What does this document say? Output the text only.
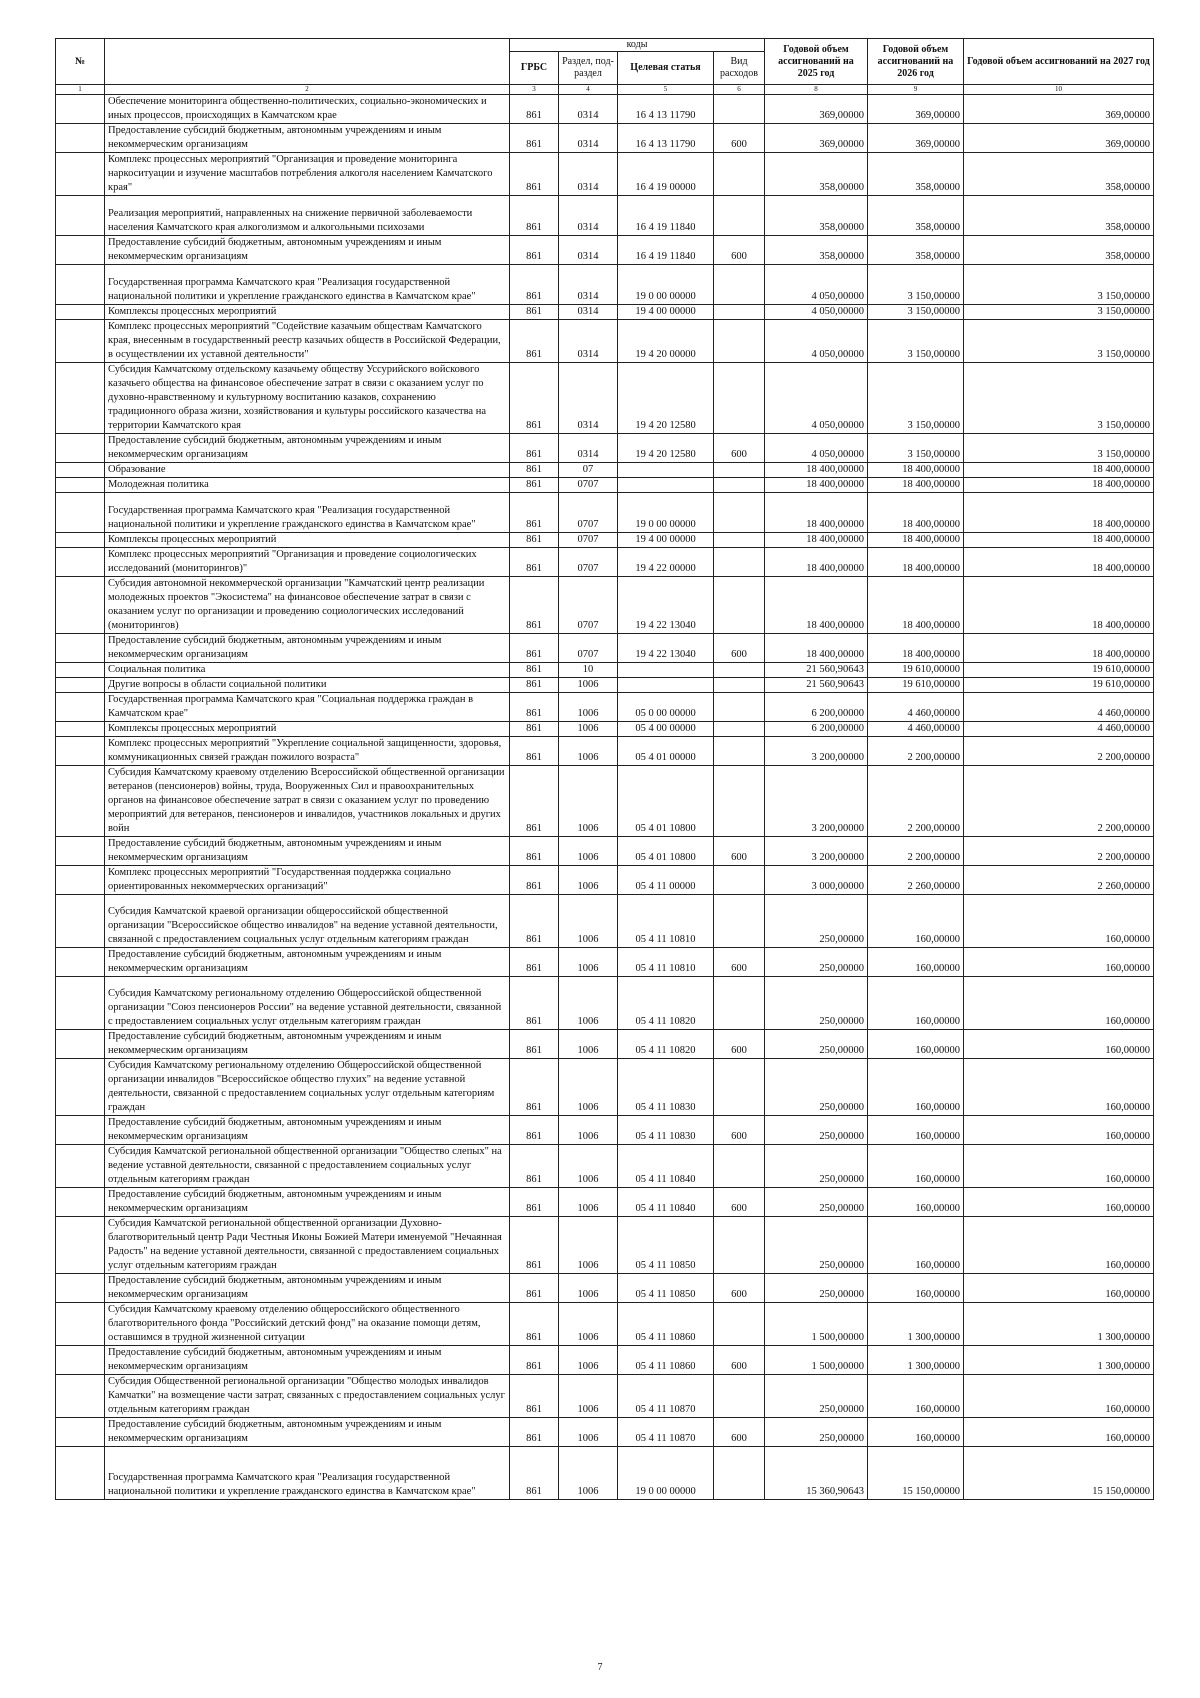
№		коды				Годовой объем ассигнований на 2025 год	Годовой объем ассигнований на 2026 год	Годовой объем ассигнований на 2027 год
		ГРБС	Раздел, под-раздел	Целевая статья	Вид расходов			
1	2	3	4	5	6	8	9	10
	Обеспечение мониторинга общественно-политических, социально-экономических и иных процессов, происходящих в Камчатском крае	861	0314	16 4 13 11790		369,00000	369,00000	369,00000
	Предоставление субсидий бюджетным, автономным учреждениям и иным некоммерческим организациям	861	0314	16 4 13 11790	600	369,00000	369,00000	369,00000
	Комплекс процессных мероприятий "Организация и проведение мониторинга наркоситуации и изучение масштабов потребления алкоголя населением Камчатского края"	861	0314	16 4 19 00000		358,00000	358,00000	358,00000
	Реализация мероприятий, направленных на снижение первичной заболеваемости населения Камчатского края алкоголизмом и алкогольными психозами	861	0314	16 4 19 11840		358,00000	358,00000	358,00000
	Предоставление субсидий бюджетным, автономным учреждениям и иным некоммерческим организациям	861	0314	16 4 19 11840	600	358,00000	358,00000	358,00000
	Государственная программа Камчатского края "Реализация государственной национальной политики и укрепление гражданского единства в Камчатском крае"	861	0314	19 0 00 00000		4 050,00000	3 150,00000	3 150,00000
	Комплексы процессных мероприятий	861	0314	19 4 00 00000		4 050,00000	3 150,00000	3 150,00000
	Комплекс процессных мероприятий "Содействие казачьим обществам Камчатского края, внесенным в государственный реестр казачьих обществ в Российской Федерации, в осуществлении их уставной деятельности"	861	0314	19 4 20 00000		4 050,00000	3 150,00000	3 150,00000
	Субсидия Камчатскому отдельскому казачьему обществу Уссурийского войскового казачьего общества на финансовое обеспечение затрат в связи с оказанием услуг по духовно-нравственному и культурному воспитанию казаков, сохранению традиционного образа жизни, хозяйствования и культуры российского казачества на территории Камчатского края	861	0314	19 4 20 12580		4 050,00000	3 150,00000	3 150,00000
	Предоставление субсидий бюджетным, автономным учреждениям и иным некоммерческим организациям	861	0314	19 4 20 12580	600	4 050,00000	3 150,00000	3 150,00000
	Образование	861	07			18 400,00000	18 400,00000	18 400,00000
	Молодежная политика	861	0707			18 400,00000	18 400,00000	18 400,00000
	Государственная программа Камчатского края "Реализация государственной национальной политики и укрепление гражданского единства в Камчатском крае"	861	0707	19 0 00 00000		18 400,00000	18 400,00000	18 400,00000
	Комплексы процессных мероприятий	861	0707	19 4 00 00000		18 400,00000	18 400,00000	18 400,00000
	Комплекс процессных мероприятий "Организация и проведение социологических исследований (мониторингов)"	861	0707	19 4 22 00000		18 400,00000	18 400,00000	18 400,00000
	Субсидия автономной некоммерческой организации "Камчатский центр реализации молодежных проектов "Экосистема" на финансовое обеспечение затрат в связи с оказанием услуг по организации и проведению социологических исследований (мониторингов)	861	0707	19 4 22 13040		18 400,00000	18 400,00000	18 400,00000
	Предоставление субсидий бюджетным, автономным учреждениям и иным некоммерческим организациям	861	0707	19 4 22 13040	600	18 400,00000	18 400,00000	18 400,00000
	Социальная политика	861	10			21 560,90643	19 610,00000	19 610,00000
	Другие вопросы в области социальной политики	861	1006			21 560,90643	19 610,00000	19 610,00000
	Государственная программа Камчатского края "Социальная поддержка граждан в Камчатском крае"	861	1006	05 0 00 00000		6 200,00000	4 460,00000	4 460,00000
	Комплексы процессных мероприятий	861	1006	05 4 00 00000		6 200,00000	4 460,00000	4 460,00000
	Комплекс процессных мероприятий "Укрепление социальной защищенности, здоровья, коммуникационных связей граждан пожилого возраста"	861	1006	05 4 01 00000		3 200,00000	2 200,00000	2 200,00000
	Субсидия Камчатскому краевому отделению Всероссийской общественной организации ветеранов (пенсионеров) войны, труда, Вооруженных Сил и правоохранительных органов на финансовое обеспечение затрат в связи с оказанием услуг по проведению мероприятий для ветеранов, пенсионеров и инвалидов, участников локальных и других войн	861	1006	05 4 01 10800		3 200,00000	2 200,00000	2 200,00000
	Предоставление субсидий бюджетным, автономным учреждениям и иным некоммерческим организациям	861	1006	05 4 01 10800	600	3 200,00000	2 200,00000	2 200,00000
	Комплекс процессных мероприятий "Государственная поддержка социально ориентированных некоммерческих организаций"	861	1006	05 4 11 00000		3 000,00000	2 260,00000	2 260,00000
	Субсидия Камчатской краевой организации общероссийской общественной организации "Всероссийское общество инвалидов" на ведение уставной деятельности, связанной с предоставлением социальных услуг отдельным категориям граждан	861	1006	05 4 11 10810		250,00000	160,00000	160,00000
	Предоставление субсидий бюджетным, автономным учреждениям и иным некоммерческим организациям	861	1006	05 4 11 10810	600	250,00000	160,00000	160,00000
	Субсидия Камчатскому региональному отделению Общероссийской общественной организации "Союз пенсионеров России" на ведение уставной деятельности, связанной с предоставлением социальных услуг отдельным категориям граждан	861	1006	05 4 11 10820		250,00000	160,00000	160,00000
	Предоставление субсидий бюджетным, автономным учреждениям и иным некоммерческим организациям	861	1006	05 4 11 10820	600	250,00000	160,00000	160,00000
	Субсидия Камчатскому региональному отделению Общероссийской общественной организации инвалидов "Всероссийское общество глухих" на ведение уставной деятельности, связанной с предоставлением социальных услуг отдельным категориям граждан	861	1006	05 4 11 10830		250,00000	160,00000	160,00000
	Предоставление субсидий бюджетным, автономным учреждениям и иным некоммерческим организациям	861	1006	05 4 11 10830	600	250,00000	160,00000	160,00000
	Субсидия Камчатской региональной общественной организации "Общество слепых" на ведение уставной деятельности, связанной с предоставлением социальных услуг отдельным категориям граждан	861	1006	05 4 11 10840		250,00000	160,00000	160,00000
	Предоставление субсидий бюджетным, автономным учреждениям и иным некоммерческим организациям	861	1006	05 4 11 10840	600	250,00000	160,00000	160,00000
	Субсидия Камчатской региональной общественной организации Духовно-благотворительный центр Ради Честныя Иконы Божией Матери именуемой "Нечаянная Радость" на ведение уставной деятельности, связанной с предоставлением социальных услуг отдельным категориям граждан	861	1006	05 4 11 10850		250,00000	160,00000	160,00000
	Предоставление субсидий бюджетным, автономным учреждениям и иным некоммерческим организациям	861	1006	05 4 11 10850	600	250,00000	160,00000	160,00000
	Субсидия Камчатскому краевому отделению общероссийского общественного благотворительного фонда "Российский детский фонд" на оказание помощи детям, оставшимся в трудной жизненной ситуации	861	1006	05 4 11 10860		1 500,00000	1 300,00000	1 300,00000
	Предоставление субсидий бюджетным, автономным учреждениям и иным некоммерческим организациям	861	1006	05 4 11 10860	600	1 500,00000	1 300,00000	1 300,00000
	Субсидия Общественной региональной организации "Общество молодых инвалидов Камчатки" на возмещение части затрат, связанных с предоставлением социальных услуг отдельным категориям граждан	861	1006	05 4 11 10870		250,00000	160,00000	160,00000
	Предоставление субсидий бюджетным, автономным учреждениям и иным некоммерческим организациям	861	1006	05 4 11 10870	600	250,00000	160,00000	160,00000
	Государственная программа Камчатского края "Реализация государственной национальной политики и укрепление гражданского единства в Камчатском крае"	861	1006	19 0 00 00000		15 360,90643	15 150,00000	15 150,00000
7
